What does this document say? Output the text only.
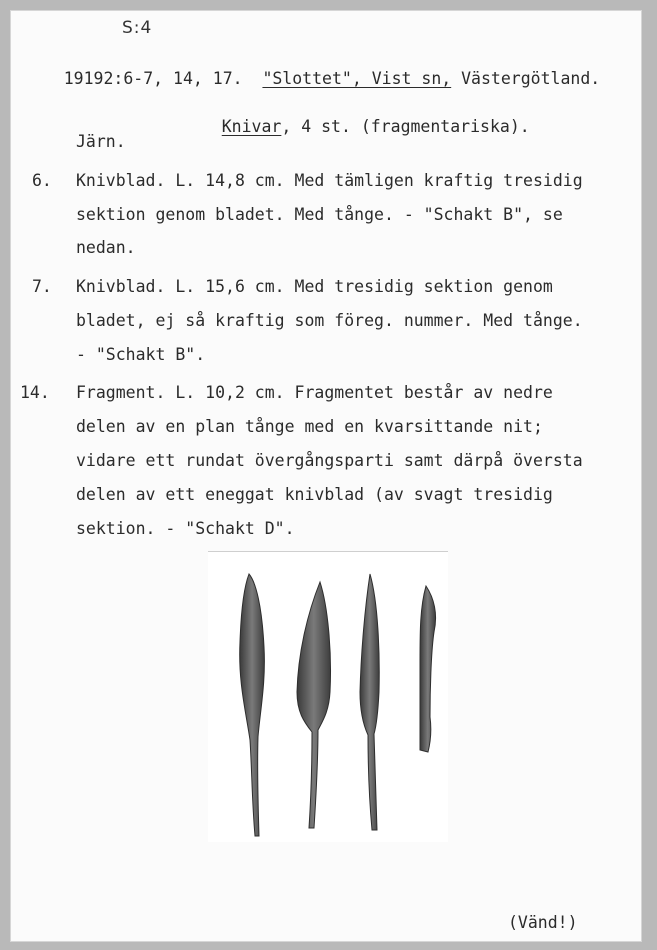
S:4

19192:6-7, 14, 17. "Slottet", Vist sn, Västergötland.

Knivar, 4 st. (fragmentariska).

Järn.
6. Knivblad. L. 14,8 cm. Med tämligen kraftig tresidig
sektion genom bladet. Med tånge. - "Schakt B", se
nedan.
7. Knivblad. L. 15,6 cm. Med tresidig sektion genom
bladet, ej så kraftig som föreg. nummer. Med tånge.
- "Schakt B".
14. Fragment. L. 10,2 cm. Fragmentet består av nedre
delen av en plan tånge med en kvarsittande nit;
vidare ett rundat övergångsparti samt därpå översta
delen av ett eneggat knivblad (av svagt tresidig
sektion. - "Schakt D".
(Vänd!)
